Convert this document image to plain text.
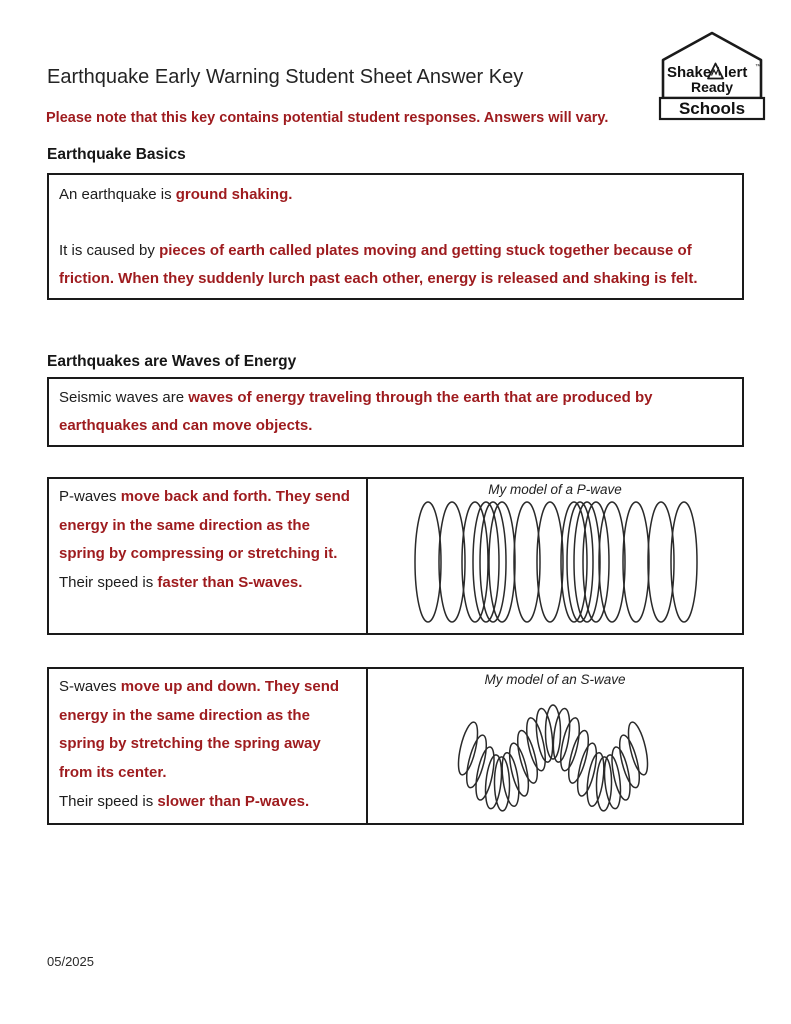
Earthquake Early Warning Student Sheet Answer Key	Shake lert ™
Ready
Schools
Please note that this key contains potential student responses. Answers will vary.
Earthquake Basics

An earthquake is ground shaking.

It is caused by pieces of earth called plates moving and getting stuck together because of friction. When they suddenly lurch past each other, energy is released and shaking is felt.

Earthquakes are Waves of Energy

Seismic waves are waves of energy traveling through the earth that are produced by earthquakes and can move objects.

P-waves move back and forth. They send energy in the same direction as the spring by compressing or stretching it.

Their speed is faster than S-waves.

My model of a P-wave

S-waves move up and down. They send energy in the same direction as the spring by stretching the spring away from its center.

Their speed is slower than P-waves.

My model of an S-wave
05/2025
